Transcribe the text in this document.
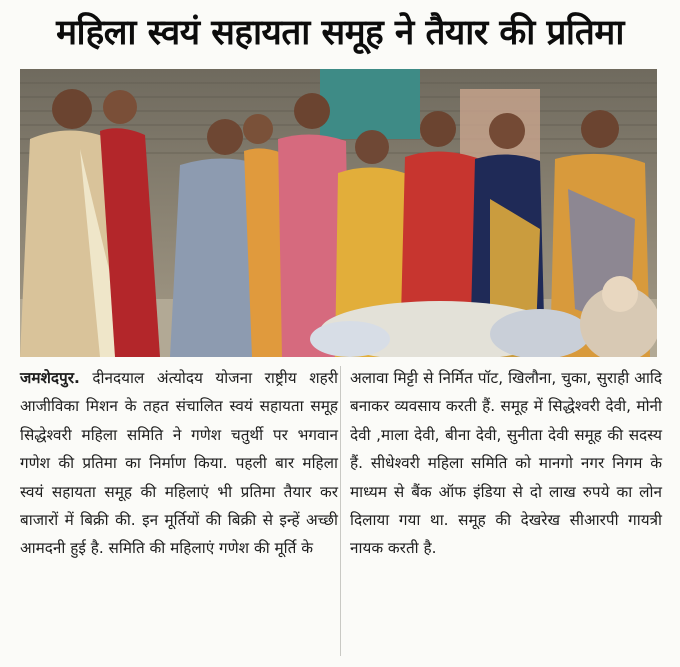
महिला स्वयं सहायता समूह ने तैयार की प्रतिमा

जमशेदपुर. दीनदयाल अंत्योदय योजना राष्ट्रीय शहरी आजीविका मिशन के तहत संचालित स्वयं सहायता समूह सिद्धेश्वरी महिला समिति ने गणेश चतुर्थी पर भगवान गणेश की प्रतिमा का निर्माण किया. पहली बार महिला स्वयं सहायता समूह की महिलाएं भी प्रतिमा तैयार कर बाजारों में बिक्री की. इन मूर्तियों की बिक्री से इन्हें अच्छी आमदनी हुई है. समिति की महिलाएं गणेश की मूर्ति के

अलावा मिट्टी से निर्मित पॉट, खिलौना, चुका, सुराही आदि बनाकर व्यवसाय करती हैं. समूह में सिद्धेश्वरी देवी, मोनी देवी ,माला देवी, बीना देवी, सुनीता देवी समूह की सदस्य हैं. सीधेश्वरी महिला समिति को मानगो नगर निगम के माध्यम से बैंक ऑफ इंडिया से दो लाख रुपये का लोन दिलाया गया था. समूह की देखरेख सीआरपी गायत्री नायक करती है.
